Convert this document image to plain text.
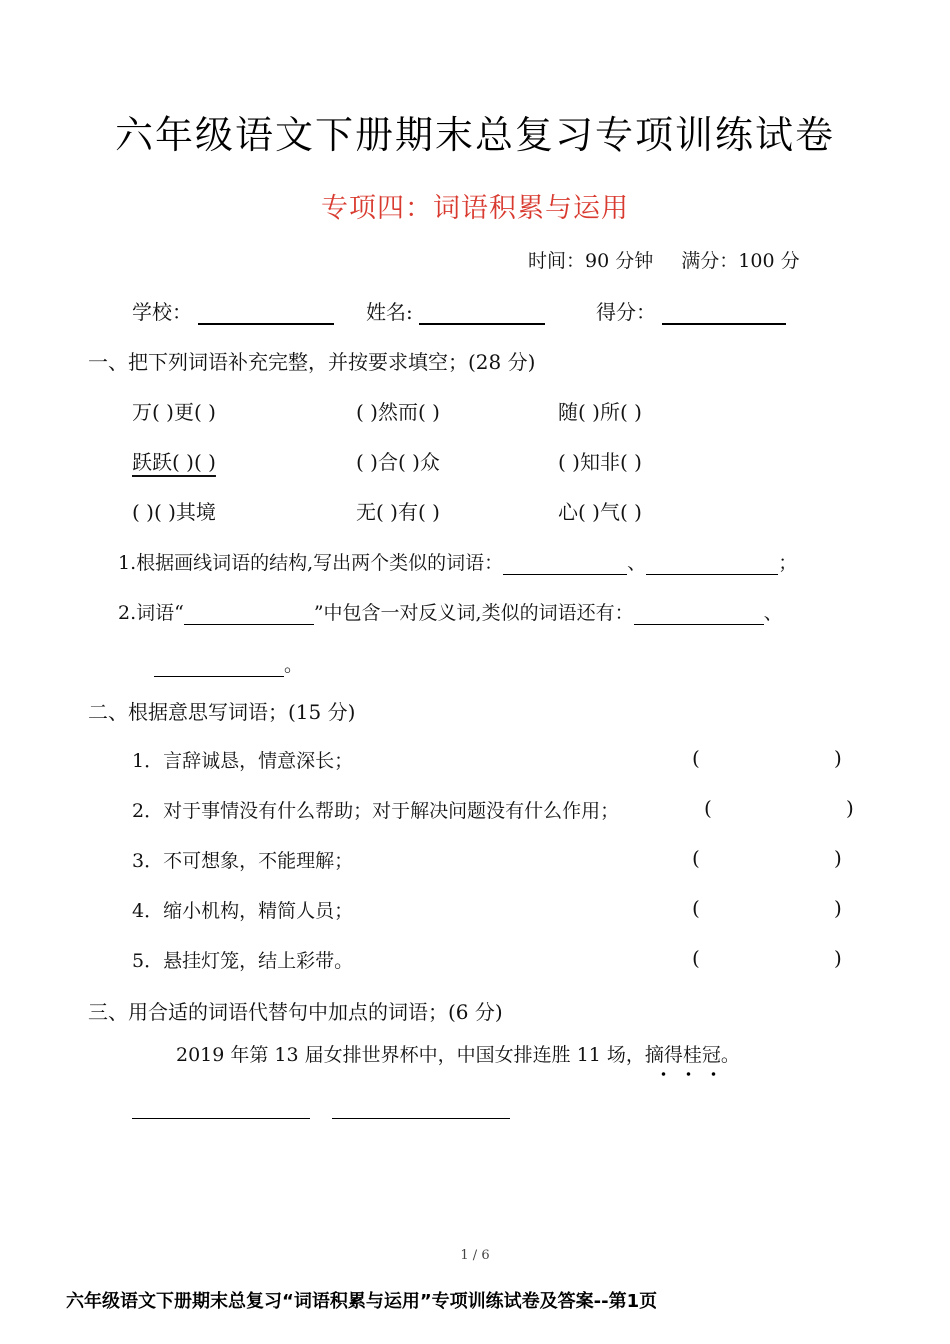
六年级语文下册期末总复习专项训练试卷
专项四：词语积累与运用
时间：90 分钟 满分：100 分
学校：	姓名:	得分：
一、把下列词语补充完整，并按要求填空；(28 分)
万( )更( )	( )然而( )	随( )所( )
跃跃( )( )	( )合( )众	( )知非( )
( )( )其境	无( )有( )	心( )气( )
1.根据画线词语的结构,写出两个类似的词语：	、	；
2.词语“	”中包含一对反义词,类似的词语还有：	、
。
二、根据意思写词语；(15 分)
1．言辞诚恳，情意深长；	(	)
2．对于事情没有什么帮助；对于解决问题没有什么作用；	(	)
3．不可想象，不能理解；	(	)
4．缩小机构，精简人员；	(	)
5．悬挂灯笼，结上彩带。	(	)
三、用合适的词语代替句中加点的词语；(6 分)
2019 年第 13 届女排世界杯中，中国女排连胜 11 场，摘得桂冠。
1 / 6
六年级语文下册期末总复习“词语积累与运用”专项训练试卷及答案--第1页
